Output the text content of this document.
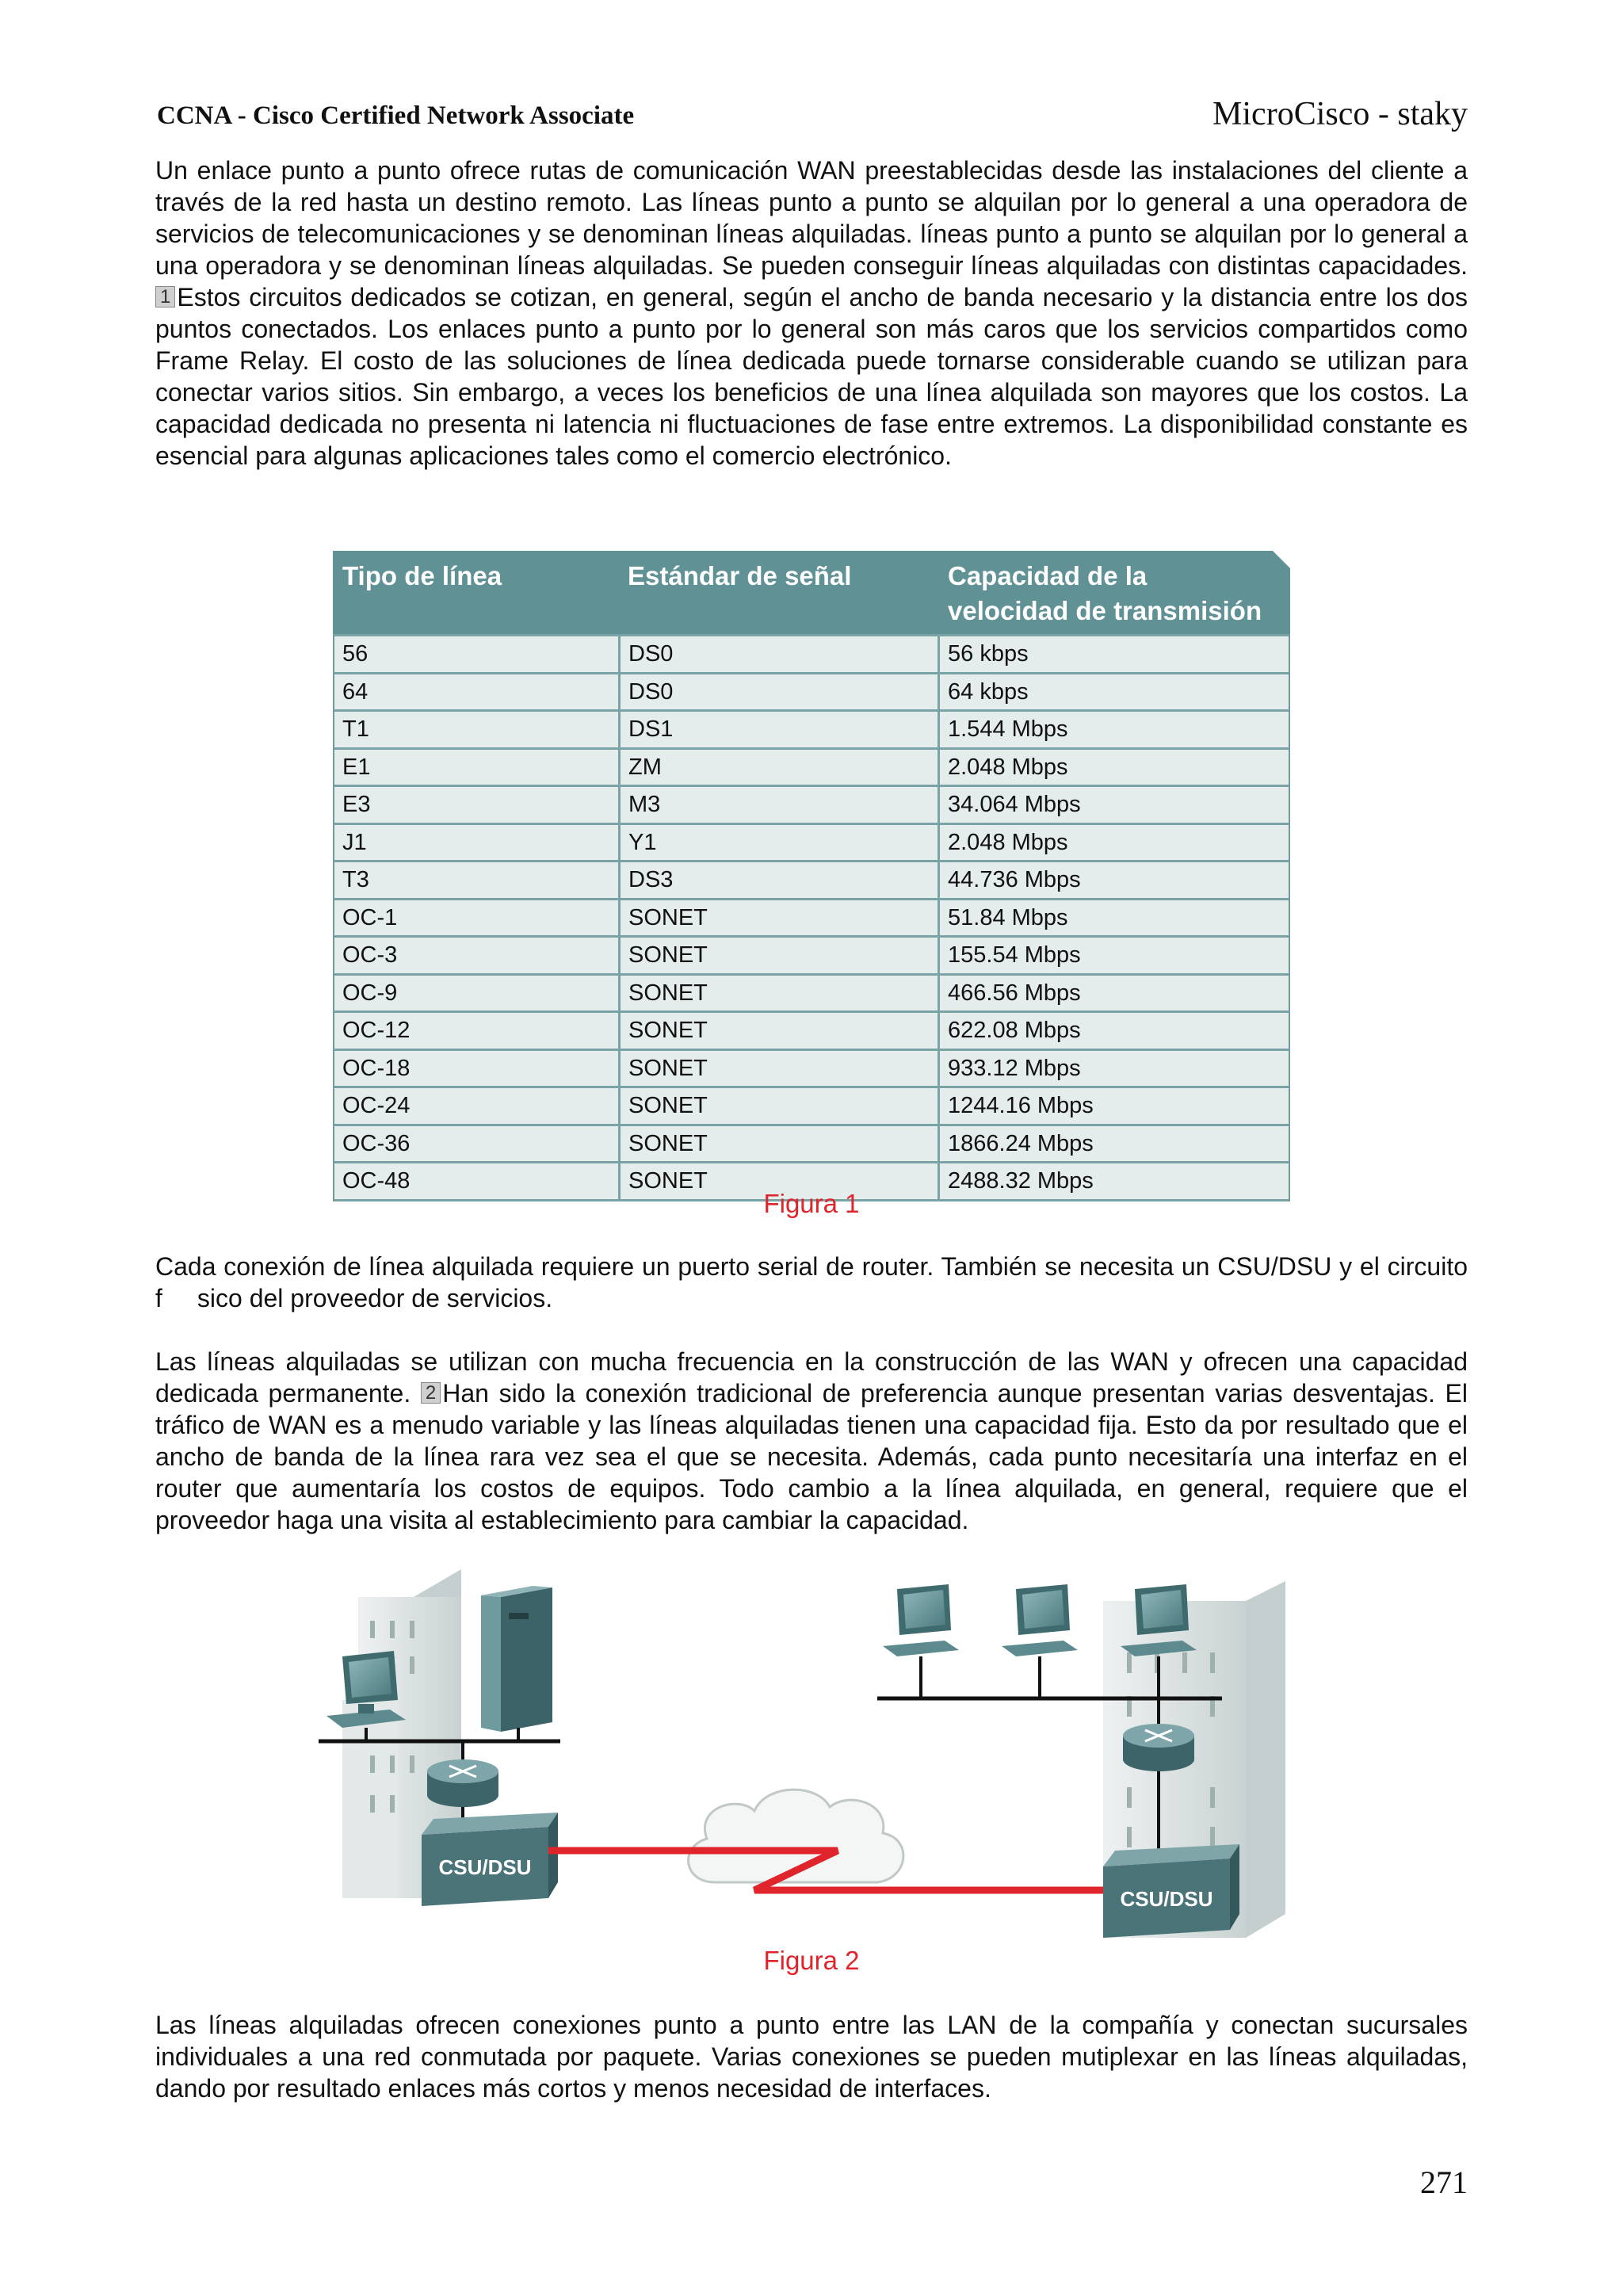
CCNA - Cisco Certified Network Associate	MicroCisco - staky

Un enlace punto a punto ofrece rutas de comunicación WAN preestablecidas desde las instalaciones del cliente a través de la red hasta un destino remoto. Las líneas punto a punto se alquilan por lo general a una operadora de servicios de telecomunicaciones y se denominan líneas alquiladas. líneas punto a punto se alquilan por lo general a una operadora y se denominan líneas alquiladas. Se pueden conseguir líneas alquiladas con distintas capacidades. 1 Estos circuitos dedicados se cotizan, en general, según el ancho de banda necesario y la distancia entre los dos puntos conectados. Los enlaces punto a punto por lo general son más caros que los servicios compartidos como Frame Relay. El costo de las soluciones de línea dedicada puede tornarse considerable cuando se utilizan para conectar varios sitios. Sin embargo, a veces los beneficios de una línea alquilada son mayores que los costos. La capacidad dedicada no presenta ni latencia ni fluctuaciones de fase entre extremos. La disponibilidad constante es esencial para algunas aplicaciones tales como el comercio electrónico.

Tipo de línea	Estándar de señal	Capacidad de la
velocidad de transmisión
56	DS0	56 kbps
64	DS0	64 kbps
T1	DS1	1.544 Mbps
E1	ZM	2.048 Mbps
E3	M3	34.064 Mbps
J1	Y1	2.048 Mbps
T3	DS3	44.736 Mbps
OC-1	SONET	51.84 Mbps
OC-3	SONET	155.54 Mbps
OC-9	SONET	466.56 Mbps
OC-12	SONET	622.08 Mbps
OC-18	SONET	933.12 Mbps
OC-24	SONET	1244.16 Mbps
OC-36	SONET	1866.24 Mbps
OC-48	SONET	2488.32 Mbps
Figura 1

Cada conexión de línea alquilada requiere un puerto serial de router. También se necesita un CSU/DSU y el circuito f sico del proveedor de servicios.

Las líneas alquiladas se utilizan con mucha frecuencia en la construcción de las WAN y ofrecen una capacidad dedicada permanente. 2 Han sido la conexión tradicional de preferencia aunque presentan varias desventajas. El tráfico de WAN es a menudo variable y las líneas alquiladas tienen una capacidad fija. Esto da por resultado que el ancho de banda de la línea rara vez sea el que se necesita. Además, cada punto necesitaría una interfaz en el router que aumentaría los costos de equipos. Todo cambio a la línea alquilada, en general, requiere que el proveedor haga una visita al establecimiento para cambiar la capacidad.

CSU/DSU
CSU/DSU
Figura 2

Las líneas alquiladas ofrecen conexiones punto a punto entre las LAN de la compañía y conectan sucursales individuales a una red conmutada por paquete. Varias conexiones se pueden mutiplexar en las líneas alquiladas, dando por resultado enlaces más cortos y menos necesidad de interfaces.

271
